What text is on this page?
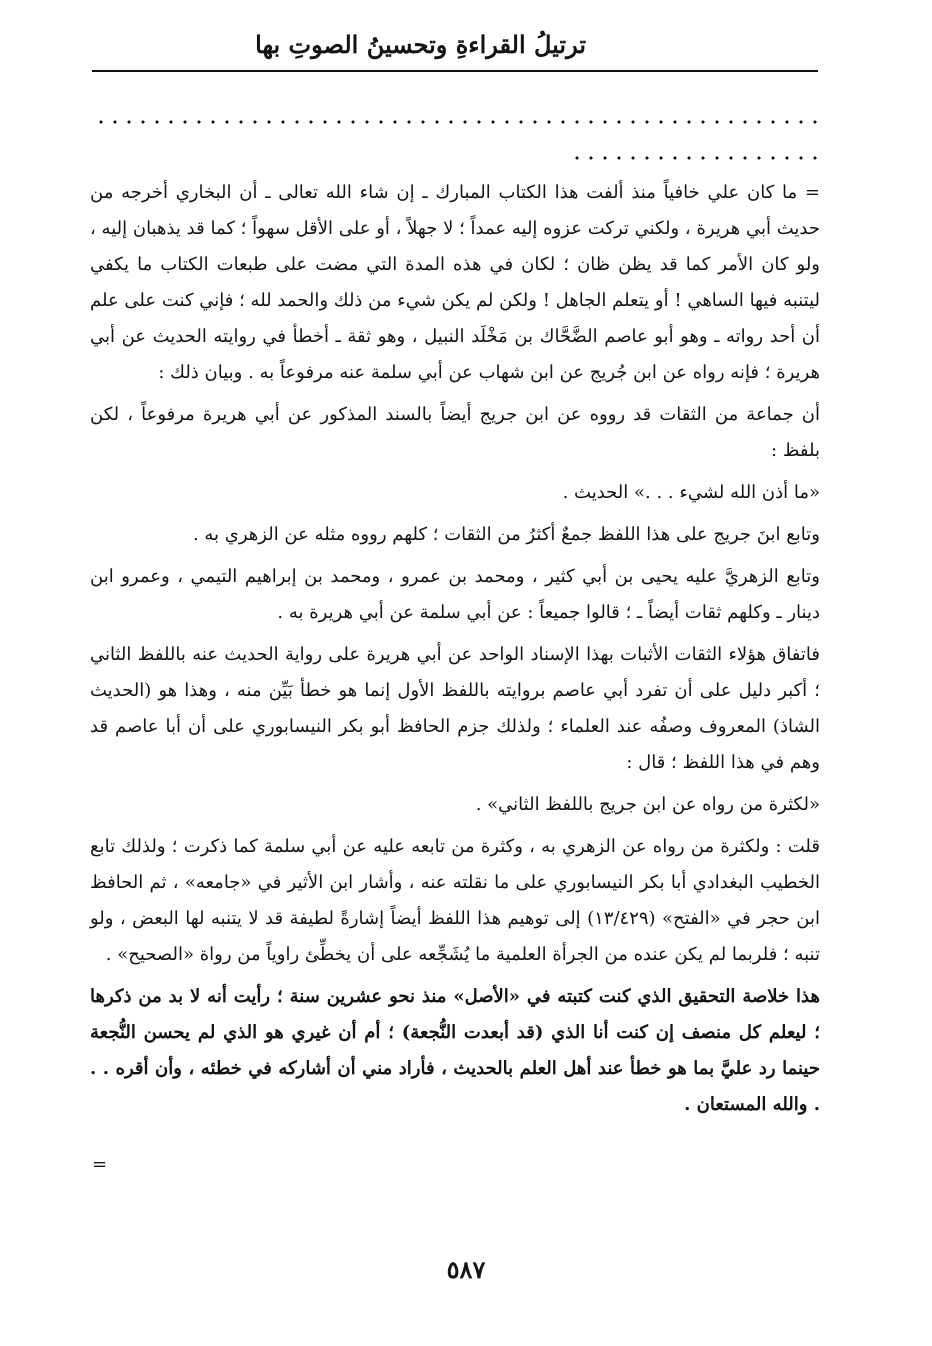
ترتيلُ القراءةِ وتحسينُ الصوتِ بها

= ما كان علي خافياً منذ ألفت هذا الكتاب المبارك ـ إن شاء الله تعالى ـ أن البخاري أخرجه من حديث أبي هريرة ، ولكني تركت عزوه إليه عمداً ؛ لا جهلاً ، أو على الأقل سهواً ؛ كما قد يذهبان إليه ، ولو كان الأمر كما قد يظن ظان ؛ لكان في هذه المدة التي مضت على طبعات الكتاب ما يكفي ليتنبه فيها الساهي ! أو يتعلم الجاهل ! ولكن لم يكن شيء من ذلك والحمد لله ؛ فإني كنت على علم أن أحد رواته ـ وهو أبو عاصم الضَّحَّاك بن مَخْلَد النبيل ، وهو ثقة ـ أخطأ في روايته الحديث عن أبي هريرة ؛ فإنه رواه عن ابن جُريج عن ابن شهاب عن أبي سلمة عنه مرفوعاً به . وبيان ذلك :

أن جماعة من الثقات قد رووه عن ابن جريج أيضاً بالسند المذكور عن أبي هريرة مرفوعاً ، لكن بلفظ :

«ما أذن الله لشيء . . .» الحديث .

وتابع ابنَ جريج على هذا اللفظ جمعٌ أكثرُ من الثقات ؛ كلهم رووه مثله عن الزهري به .

وتابع الزهريَّ عليه يحيى بن أبي كثير ، ومحمد بن عمرو ، ومحمد بن إبراهيم التيمي ، وعمرو ابن دينار ـ وكلهم ثقات أيضاً ـ ؛ قالوا جميعاً : عن أبي سلمة عن أبي هريرة به .

فاتفاق هؤلاء الثقات الأثبات بهذا الإسناد الواحد عن أبي هريرة على رواية الحديث عنه باللفظ الثاني ؛ أكبر دليل على أن تفرد أبي عاصم بروايته باللفظ الأول إنما هو خطأ بَيِّن منه ، وهذا هو (الحديث الشاذ) المعروف وصفُه عند العلماء ؛ ولذلك جزم الحافظ أبو بكر النيسابوري على أن أبا عاصم قد وهم في هذا اللفظ ؛ قال :

«لكثرة من رواه عن ابن جريج باللفظ الثاني» .

قلت : ولكثرة من رواه عن الزهري به ، وكثرة من تابعه عليه عن أبي سلمة كما ذكرت ؛ ولذلك تابع الخطيب البغدادي أبا بكر النيسابوري على ما نقلته عنه ، وأشار ابن الأثير في «جامعه» ، ثم الحافظ ابن حجر في «الفتح» (١٣/٤٢٩) إلى توهيم هذا اللفظ أيضاً إشارةً لطيفة قد لا يتنبه لها البعض ، ولو تنبه ؛ فلربما لم يكن عنده من الجرأة العلمية ما يُشَجِّعه على أن يخطِّئ راوياً من رواة «الصحيح» .

هذا خلاصة التحقيق الذي كنت كتبته في «الأصل» منذ نحو عشرين سنة ؛ رأيت أنه لا بد من ذكرها ؛ ليعلم كل منصف إن كنت أنا الذي (قد أبعدت النُّجعة) ؛ أم أن غيري هو الذي لم يحسن النُّجعة حينما رد عليَّ بما هو خطأ عند أهل العلم بالحديث ، فأراد مني أن أشاركه في خطئه ، وأن أقره . . . والله المستعان .

=
٥٨٧
